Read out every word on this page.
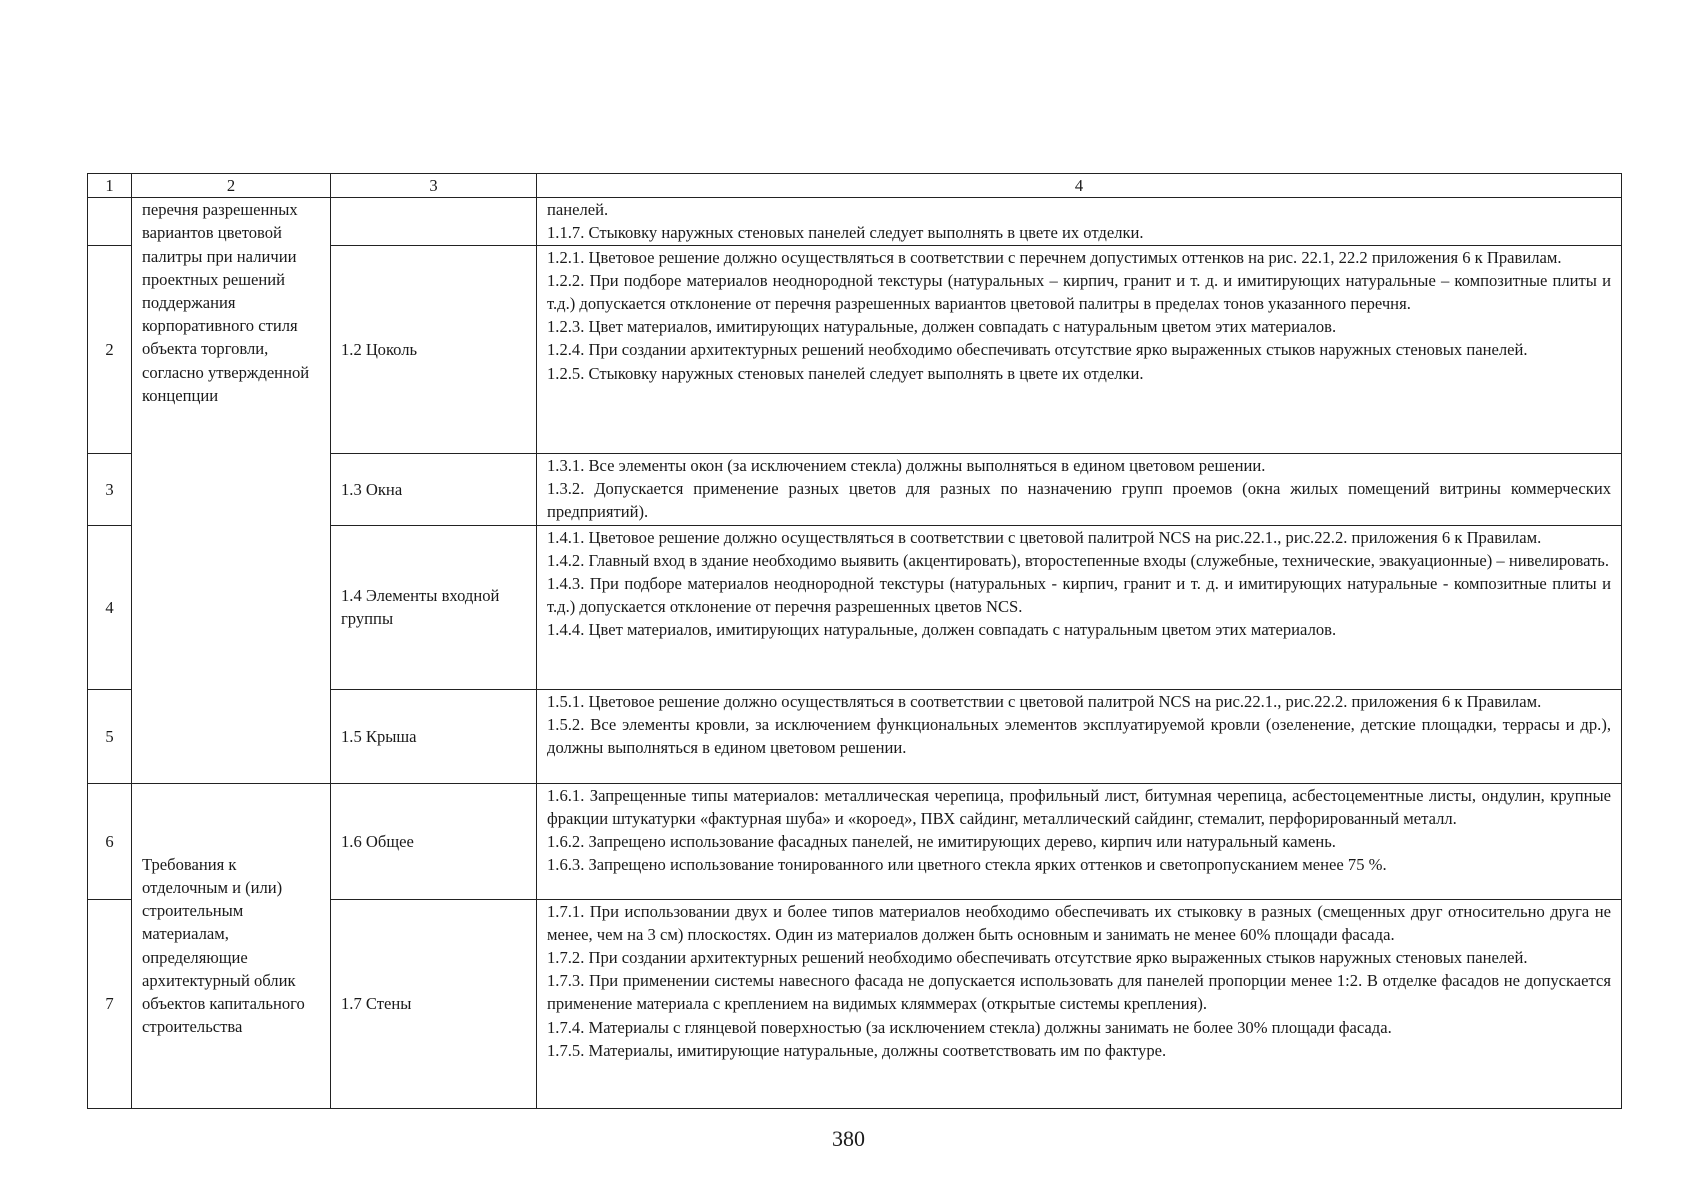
1	2	3	4
	перечня разрешенных вариантов цветовой палитры при наличии проектных решений поддержания корпоративного стиля объекта торговли, согласно утвержденной концепции		панелей.

1.1.7. Стыковку наружных стеновых панелей следует выполнять в цвете их отделки.

2		1.2 Цоколь	1.2.1. Цветовое решение должно осуществляться в соответствии с перечнем допустимых оттенков на рис. 22.1, 22.2 приложения 6 к Правилам.

1.2.2. При подборе материалов неоднородной текстуры (натуральных – кирпич, гранит и т. д. и имитирующих натуральные – композитные плиты и т.д.) допускается отклонение от перечня разрешенных вариантов цветовой палитры в пределах тонов указанного перечня.

1.2.3. Цвет материалов, имитирующих натуральные, должен совпадать с натуральным цветом этих материалов.

1.2.4. При создании архитектурных решений необходимо обеспечивать отсутствие ярко выраженных стыков наружных стеновых панелей.

1.2.5. Стыковку наружных стеновых панелей следует выполнять в цвете их отделки.

3		1.3 Окна	1.3.1. Все элементы окон (за исключением стекла) должны выполняться в едином цветовом решении.

1.3.2. Допускается применение разных цветов для разных по назначению групп проемов (окна жилых помещений витрины коммерческих предприятий).

4		1.4 Элементы входной группы	1.4.1. Цветовое решение должно осуществляться в соответствии с цветовой палитрой NCS на рис.22.1., рис.22.2. приложения 6 к Правилам.

1.4.2. Главный вход в здание необходимо выявить (акцентировать), второстепенные входы (служебные, технические, эвакуационные) – нивелировать.

1.4.3. При подборе материалов неоднородной текстуры (натуральных - кирпич, гранит и т. д. и имитирующих натуральные - композитные плиты и т.д.) допускается отклонение от перечня разрешенных цветов NCS.

1.4.4. Цвет материалов, имитирующих натуральные, должен совпадать с натуральным цветом этих материалов.

5		1.5 Крыша	1.5.1. Цветовое решение должно осуществляться в соответствии с цветовой палитрой NCS на рис.22.1., рис.22.2. приложения 6 к Правилам.

1.5.2. Все элементы кровли, за исключением функциональных элементов эксплуатируемой кровли (озеленение, детские площадки, террасы и др.), должны выполняться в едином цветовом решении.

6	Требования к отделочным и (или) строительным материалам, определяющие архитектурный облик объектов капитального строительства	1.6 Общее	1.6.1. Запрещенные типы материалов: металлическая черепица, профильный лист, битумная черепица, асбестоцементные листы, ондулин, крупные фракции штукатурки «фактурная шуба» и «короед», ПВХ сайдинг, металлический сайдинг, стемалит, перфорированный металл.

1.6.2. Запрещено использование фасадных панелей, не имитирующих дерево, кирпич или натуральный камень.

1.6.3. Запрещено использование тонированного или цветного стекла ярких оттенков и светопропусканием менее 75 %.

7		1.7 Стены	1.7.1. При использовании двух и более типов материалов необходимо обеспечивать их стыковку в разных (смещенных друг относительно друга не менее, чем на 3 см) плоскостях. Один из материалов должен быть основным и занимать не менее 60% площади фасада.

1.7.2. При создании архитектурных решений необходимо обеспечивать отсутствие ярко выраженных стыков наружных стеновых панелей.

1.7.3. При применении системы навесного фасада не допускается использовать для панелей пропорции менее 1:2. В отделке фасадов не допускается применение материала с креплением на видимых кляммерах (открытые системы крепления).

1.7.4. Материалы с глянцевой поверхностью (за исключением стекла) должны занимать не более 30% площади фасада.

1.7.5. Материалы, имитирующие натуральные, должны соответствовать им по фактуре.

380
